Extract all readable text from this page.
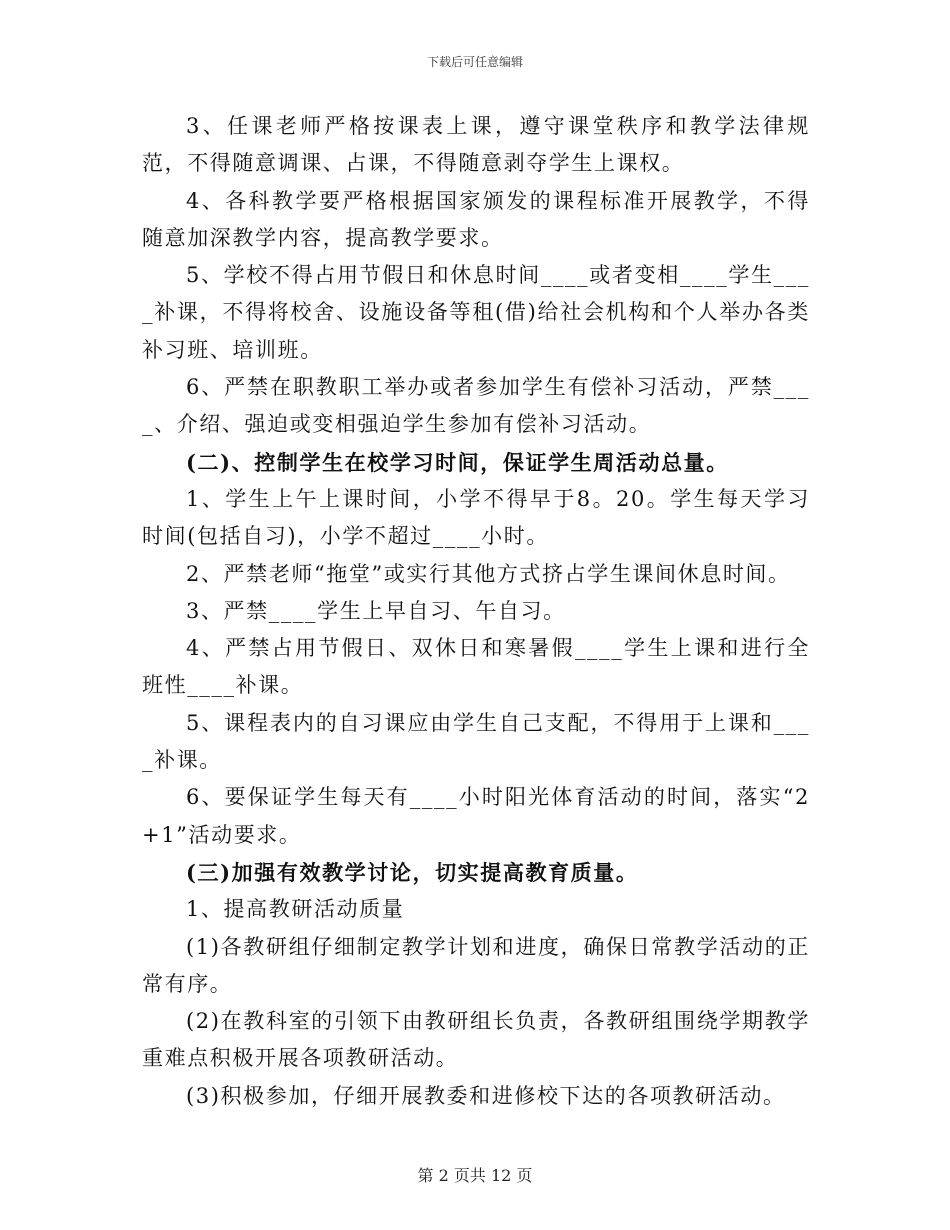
下载后可任意编辑

3、任课老师严格按课表上课，遵守课堂秩序和教学法律规范，不得随意调课、占课，不得随意剥夺学生上课权。

4、各科教学要严格根据国家颁发的课程标准开展教学，不得随意加深教学内容，提高教学要求。

5、学校不得占用节假日和休息时间____或者变相____学生____补课，不得将校舍、设施设备等租(借)给社会机构和个人举办各类补习班、培训班。

6、严禁在职教职工举办或者参加学生有偿补习活动，严禁____、介绍、强迫或变相强迫学生参加有偿补习活动。

(二)、控制学生在校学习时间，保证学生周活动总量。

1、学生上午上课时间，小学不得早于8。20。学生每天学习时间(包括自习)，小学不超过____小时。

2、严禁老师“拖堂”或实行其他方式挤占学生课间休息时间。

3、严禁____学生上早自习、午自习。

4、严禁占用节假日、双休日和寒暑假____学生上课和进行全班性____补课。

5、课程表内的自习课应由学生自己支配，不得用于上课和____补课。

6、要保证学生每天有____小时阳光体育活动的时间，落实“2+1”活动要求。

(三)加强有效教学讨论，切实提高教育质量。

1、提高教研活动质量

(1)各教研组仔细制定教学计划和进度，确保日常教学活动的正常有序。

(2)在教科室的引领下由教研组长负责，各教研组围绕学期教学重难点积极开展各项教研活动。

(3)积极参加，仔细开展教委和进修校下达的各项教研活动。

第 2 页共 12 页
